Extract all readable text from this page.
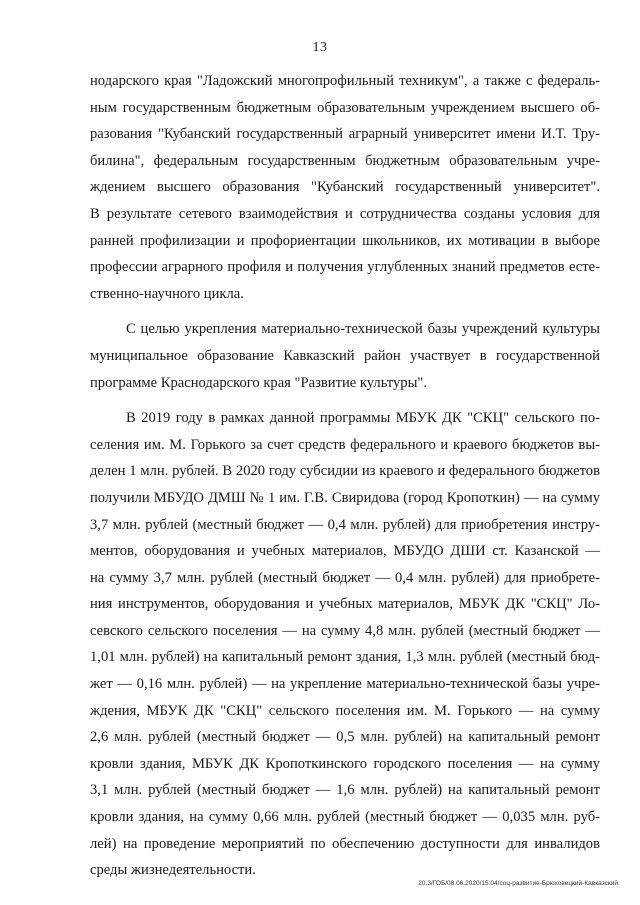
13
нодарского края "Ладожский многопрофильный техникум", а также с федераль-
ным государственным бюджетным образовательным учреждением высшего об-
разования "Кубанский государственный аграрный университет имени И.Т. Тру-
билина", федеральным государственным бюджетным образовательным учре-
ждением высшего образования "Кубанский государственный университет".
В результате сетевого взаимодействия и сотрудничества созданы условия для
ранней профилизации и профориентации школьников, их мотивации в выборе
профессии аграрного профиля и получения углубленных знаний предметов есте-
ственно-научного цикла.
С целью укрепления материально-технической базы учреждений культуры
муниципальное образование Кавказский район участвует в государственной
программе Краснодарского края "Развитие культуры".
В 2019 году в рамках данной программы МБУК ДК "СКЦ" сельского по-
селения им. М. Горького за счет средств федерального и краевого бюджетов вы-
делен 1 млн. рублей. В 2020 году субсидии из краевого и федерального бюджетов
получили МБУДО ДМШ № 1 им. Г.В. Свиридова (город Кропоткин) — на сумму
3,7 млн. рублей (местный бюджет — 0,4 млн. рублей) для приобретения инстру-
ментов, оборудования и учебных материалов, МБУДО ДШИ ст. Казанской —
на сумму 3,7 млн. рублей (местный бюджет — 0,4 млн. рублей) для приобрете-
ния инструментов, оборудования и учебных материалов, МБУК ДК "СКЦ" Ло-
севского сельского поселения — на сумму 4,8 млн. рублей (местный бюджет —
1,01 млн. рублей) на капитальный ремонт здания, 1,3 млн. рублей (местный бюд-
жет — 0,16 млн. рублей) — на укрепление материально-технической базы учре-
ждения, МБУК ДК "СКЦ" сельского поселения им. М. Горького — на сумму
2,6 млн. рублей (местный бюджет — 0,5 млн. рублей) на капитальный ремонт
кровли здания, МБУК ДК Кропоткинского городского поселения — на сумму
3,1 млн. рублей (местный бюджет — 1,6 млн. рублей) на капитальный ремонт
кровли здания, на сумму 0,66 млн. рублей (местный бюджет — 0,035 млн. руб-
лей) на проведение мероприятий по обеспечению доступности для инвалидов
среды жизнедеятельности.
20.3/ГОБ/08.06.2020/15:04/соц-развитие-Брюховецкий-Кавказский
